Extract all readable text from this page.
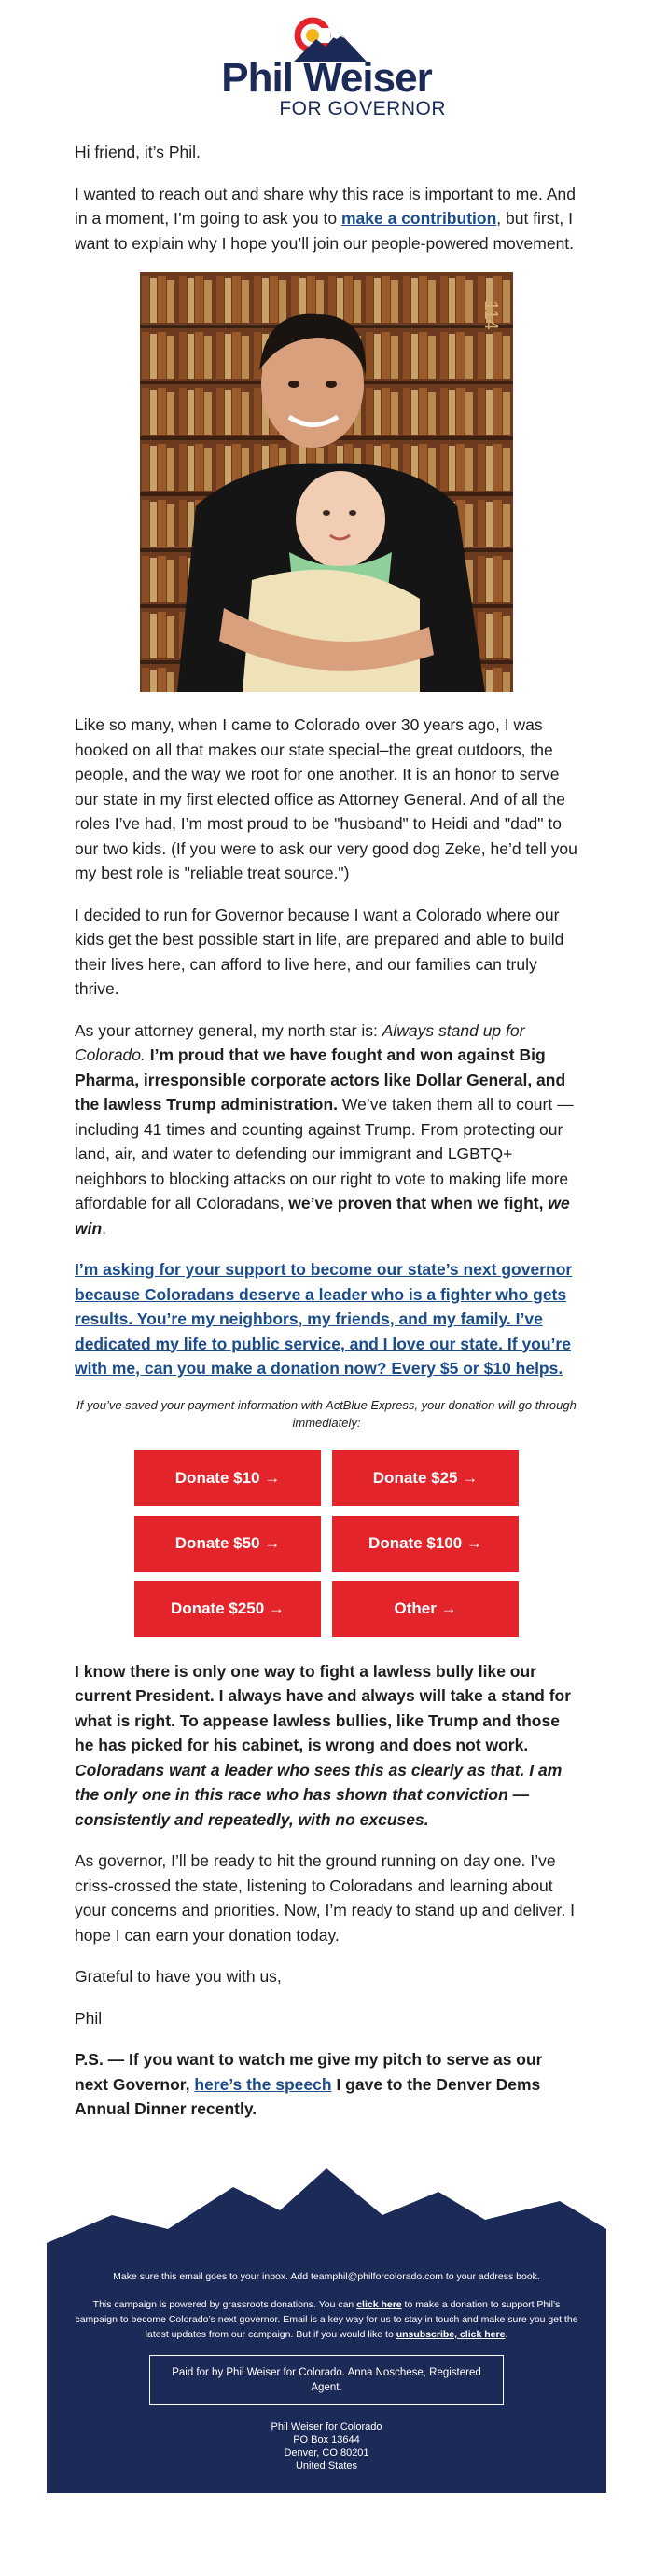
Phil Weiser
FOR GOVERNOR

Hi friend, it’s Phil.

I wanted to reach out and share why this race is important to me. And in a moment, I’m going to ask you to make a contribution, but first, I want to explain why I hope you’ll join our people-powered movement.

114

Like so many, when I came to Colorado over 30 years ago, I was hooked on all that makes our state special–the great outdoors, the people, and the way we root for one another. It is an honor to serve our state in my first elected office as Attorney General. And of all the roles I’ve had, I’m most proud to be "husband" to Heidi and "dad" to our two kids. (If you were to ask our very good dog Zeke, he’d tell you my best role is "reliable treat source.")

I decided to run for Governor because I want a Colorado where our kids get the best possible start in life, are prepared and able to build their lives here, can afford to live here, and our families can truly thrive.

As your attorney general, my north star is: Always stand up for Colorado. I’m proud that we have fought and won against Big Pharma, irresponsible corporate actors like Dollar General, and the lawless Trump administration. We’ve taken them all to court — including 41 times and counting against Trump. From protecting our land, air, and water to defending our immigrant and LGBTQ+ neighbors to blocking attacks on our right to vote to making life more affordable for all Coloradans, we’ve proven that when we fight, we win.

I’m asking for your support to become our state’s next governor because Coloradans deserve a leader who is a fighter who gets results. You’re my neighbors, my friends, and my family. I’ve dedicated my life to public service, and I love our state. If you’re with me, can you make a donation now? Every $5 or $10 helps.

If you’ve saved your payment information with ActBlue Express, your donation will go through immediately:

Donate $10 →	Donate $25 →
Donate $50 →	Donate $100 →
Donate $250 →	Other →

I know there is only one way to fight a lawless bully like our current President. I always have and always will take a stand for what is right. To appease lawless bullies, like Trump and those he has picked for his cabinet, is wrong and does not work. Coloradans want a leader who sees this as clearly as that. I am the only one in this race who has shown that conviction — consistently and repeatedly, with no excuses.

As governor, I’ll be ready to hit the ground running on day one. I’ve criss-crossed the state, listening to Coloradans and learning about your concerns and priorities. Now, I’m ready to stand up and deliver. I hope I can earn your donation today.

Grateful to have you with us,

Phil

P.S. — If you want to watch me give my pitch to serve as our next Governor, here’s the speech I gave to the Denver Dems Annual Dinner recently.

Make sure this email goes to your inbox. Add teamphil@philforcolorado.com to your address book.

This campaign is powered by grassroots donations. You can click here to make a donation to support Phil’s campaign to become Colorado’s next governor. Email is a key way for us to stay in touch and make sure you get the latest updates from our campaign. But if you would like to unsubscribe, click here.

Paid for by Phil Weiser for Colorado. Anna Noschese, Registered Agent.
Phil Weiser for Colorado
PO Box 13644
Denver, CO 80201
United States
